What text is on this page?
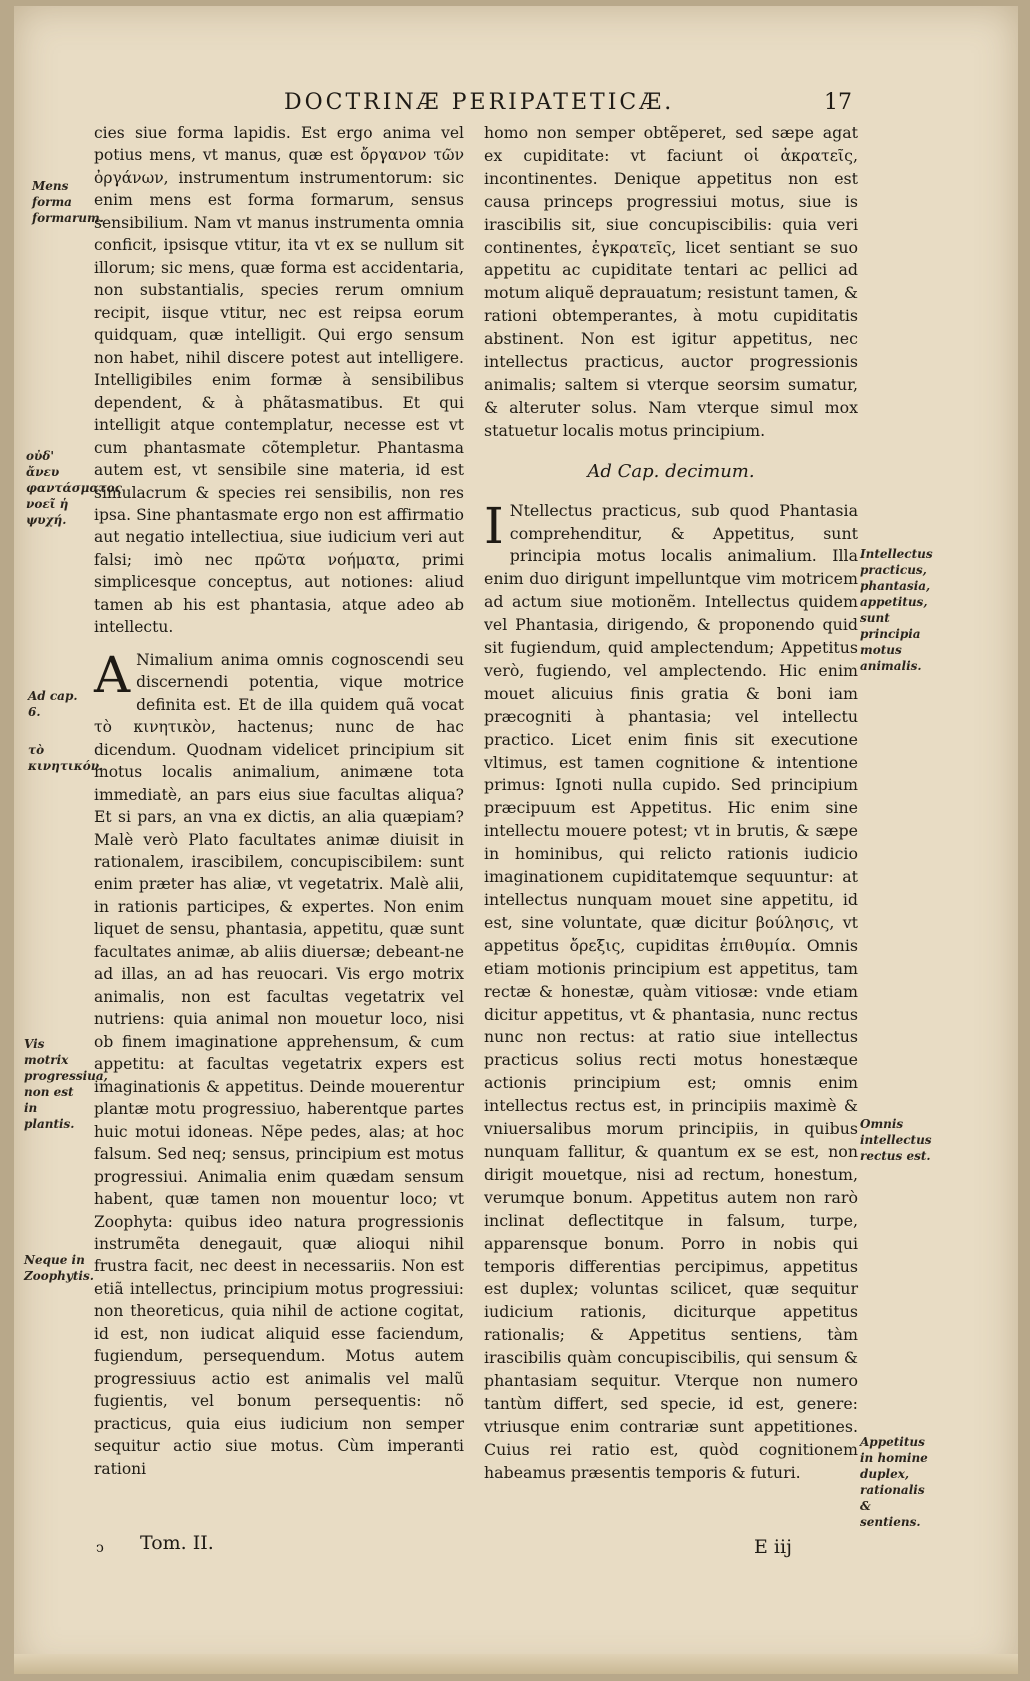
DOCTRINÆ PERIPATETICÆ.	17
Mens forma formarum.
οὐδ' ἄνευ φαντάσματος νοεῖ ἡ ψυχή.
Ad cap. 6.
τὸ κινητικόν.
Vis motrix progressiua, non est in plantis.
Neque in Zoophytis.
Intellectus practicus, phantasia, appetitus, sunt principia motus animalis.
Omnis intellectus rectus est.
Appetitus in homine duplex, rationalis & sentiens.

cies siue forma lapidis. Est ergo anima vel potius mens, vt manus, quæ est ὄργανον τῶν ὀργάνων, instrumentum instrumentorum: sic enim mens est forma formarum, sensus sensibilium. Nam vt manus instrumenta omnia conficit, ipsisque vtitur, ita vt ex se nullum sit illorum; sic mens, quæ forma est accidentaria, non substantialis, species rerum omnium recipit, iisque vtitur, nec est reipsa eorum quidquam, quæ intelligit. Qui ergo sensum non habet, nihil discere potest aut intelligere. Intelligibiles enim formæ à sensibilibus dependent, & à phãtasmatibus. Et qui intelligit atque contemplatur, necesse est vt cum phantasmate cõtempletur. Phantasma autem est, vt sensibile sine materia, id est simulacrum & species rei sensibilis, non res ipsa. Sine phantasmate ergo non est affirmatio aut negatio intellectiua, siue iudicium veri aut falsi; imò nec πρῶτα νοήματα, primi simplicesque conceptus, aut notiones: aliud tamen ab his est phantasia, atque adeo ab intellectu.

ANimalium anima omnis cognoscendi seu discernendi potentia, vique motrice definita est. Et de illa quidem quã vocat τὸ κινητικὸν, hactenus; nunc de hac dicendum. Quodnam videlicet principium sit motus localis animalium, animæne tota immediatè, an pars eius siue facultas aliqua? Et si pars, an vna ex dictis, an alia quæpiam? Malè verò Plato facultates animæ diuisit in rationalem, irascibilem, concupiscibilem: sunt enim præter has aliæ, vt vegetatrix. Malè alii, in rationis participes, & expertes. Non enim liquet de sensu, phantasia, appetitu, quæ sunt facultates animæ, ab aliis diuersæ; debeant-ne ad illas, an ad has reuocari. Vis ergo motrix animalis, non est facultas vegetatrix vel nutriens: quia animal non mouetur loco, nisi ob finem imaginatione apprehensum, & cum appetitu: at facultas vegetatrix expers est imaginationis & appetitus. Deinde mouerentur plantæ motu progressiuo, haberentque partes huic motui idoneas. Nẽpe pedes, alas; at hoc falsum. Sed neq; sensus, principium est motus progressiui. Animalia enim quædam sensum habent, quæ tamen non mouentur loco; vt Zoophyta: quibus ideo natura progressionis instrumẽta denegauit, quæ alioqui nihil frustra facit, nec deest in necessariis. Non est etiã intellectus, principium motus progressiui: non theoreticus, quia nihil de actione cogitat, id est, non iudicat aliquid esse faciendum, fugiendum, persequendum. Motus autem progressiuus actio est animalis vel malũ fugientis, vel bonum persequentis: nõ practicus, quia eius iudicium non semper sequitur actio siue motus. Cùm imperanti rationi

homo non semper obtẽperet, sed sæpe agat ex cupiditate: vt faciunt οἱ ἀκρατεῖς, incontinentes. Denique appetitus non est causa princeps progressiui motus, siue is irascibilis sit, siue concupiscibilis: quia veri continentes, ἐγκρατεῖς, licet sentiant se suo appetitu ac cupiditate tentari ac pellici ad motum aliquẽ deprauatum; resistunt tamen, & rationi obtemperantes, à motu cupiditatis abstinent. Non est igitur appetitus, nec intellectus practicus, auctor progressionis animalis; saltem si vterque seorsim sumatur, & alteruter solus. Nam vterque simul mox statuetur localis motus principium.

Ad Cap. decimum.

INtellectus practicus, sub quod Phantasia comprehenditur, & Appetitus, sunt principia motus localis animalium. Illa enim duo dirigunt impelluntque vim motricem ad actum siue motionẽm. Intellectus quidem vel Phantasia, dirigendo, & proponendo quid sit fugiendum, quid amplectendum; Appetitus verò, fugiendo, vel amplectendo. Hic enim mouet alicuius finis gratia & boni iam præcogniti à phantasia; vel intellectu practico. Licet enim finis sit executione vltimus, est tamen cognitione & intentione primus: Ignoti nulla cupido. Sed principium præcipuum est Appetitus. Hic enim sine intellectu mouere potest; vt in brutis, & sæpe in hominibus, qui relicto rationis iudicio imaginationem cupiditatemque sequuntur: at intellectus nunquam mouet sine appetitu, id est, sine voluntate, quæ dicitur βούλησις, vt appetitus ὄρεξις, cupiditas ἐπιθυμία. Omnis etiam motionis principium est appetitus, tam rectæ & honestæ, quàm vitiosæ: vnde etiam dicitur appetitus, vt & phantasia, nunc rectus nunc non rectus: at ratio siue intellectus practicus solius recti motus honestæque actionis principium est; omnis enim intellectus rectus est, in principiis maximè & vniuersalibus morum principiis, in quibus nunquam fallitur, & quantum ex se est, non dirigit mouetque, nisi ad rectum, honestum, verumque bonum. Appetitus autem non rarò inclinat deflectitque in falsum, turpe, apparensque bonum. Porro in nobis qui temporis differentias percipimus, appetitus est duplex; voluntas scilicet, quæ sequitur iudicium rationis, diciturque appetitus rationalis; & Appetitus sentiens, tàm irascibilis quàm concupiscibilis, qui sensum & phantasiam sequitur. Vterque non numero tantùm differt, sed specie, id est, genere: vtriusque enim contrariæ sunt appetitiones. Cuius rei ratio est, quòd cognitionem habeamus præsentis temporis & futuri.

ↄ Tom. II.	E iij
